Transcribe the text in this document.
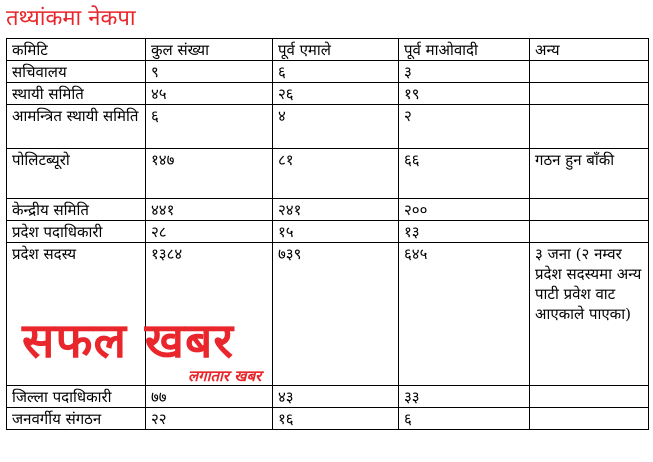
तथ्यांकमा नेकपा
कमिटि	कुल संख्या	पूर्व एमाले	पूर्व माओवादी	अन्य
सचिवालय	९	६	३	
स्थायी समिति	४५	२६	१९	
आमन्त्रित स्थायी समिति	६	४	२	
पोलिटब्यूरो	१४७	८१	६६	गठन हुन बाँकी
केन्द्रीय समिति	४४१	२४१	२००	
प्रदेश पदाधिकारी	२८	१५	१३	
प्रदेश सदस्य	१३८४	७३९	६४५	३ जना (२ नम्वर प्रदेश सदस्यमा अन्य पाटी प्रवेश वाट आएकाले पाएका)
जिल्ला पदाधिकारी	७७	४३	३३	
जनवर्गीय संगठन	२२	१६	६	
सफल खबर
लगातार खबर
